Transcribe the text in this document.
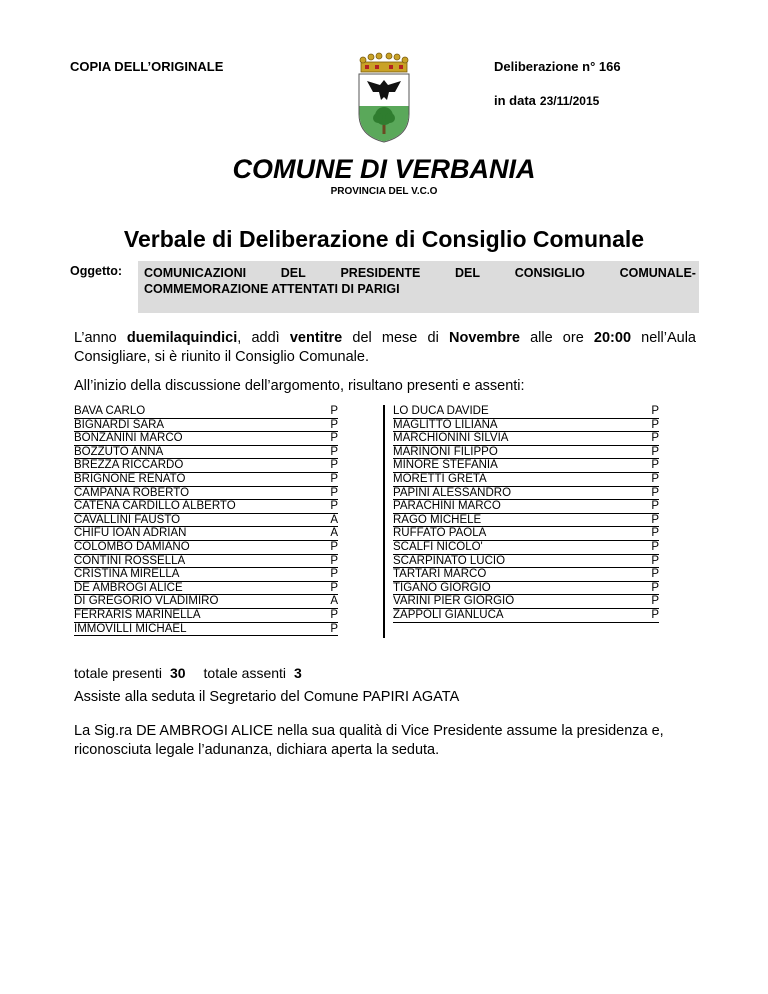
COPIA DELL’ORIGINALE	Deliberazione n° 166
in data 23/11/2015
COMUNE DI VERBANIA
PROVINCIA DEL V.C.O
Verbale di Deliberazione di Consiglio Comunale
Oggetto: COMUNICAZIONI	DEL	PRESIDENTE	DEL	CONSIGLIO	COMUNALE-
COMMEMORAZIONE ATTENTATI DI PARIGI
L’anno duemilaquindici, addì ventitre del mese di Novembre alle ore 20:00 nell’Aula Consigliare, si è riunito il Consiglio Comunale.
All’inizio della discussione dell’argomento, risultano presenti e assenti:
BAVA CARLO	P
BIGNARDI SARA	P
BONZANINI MARCO	P
BOZZUTO ANNA	P
BREZZA RICCARDO	P
BRIGNONE RENATO	P
CAMPANA ROBERTO	P
CATENA CARDILLO ALBERTO	P
CAVALLINI FAUSTO	A
CHIFU IOAN ADRIAN	A
COLOMBO DAMIANO	P
CONTINI ROSSELLA	P
CRISTINA MIRELLA	P
DE AMBROGI ALICE	P
DI GREGORIO VLADIMIRO	A
FERRARIS MARINELLA	P
IMMOVILLI MICHAEL	P
LO DUCA DAVIDE	P
MAGLITTO LILIANA	P
MARCHIONINI SILVIA	P
MARINONI FILIPPO	P
MINORE STEFANIA	P
MORETTI GRETA	P
PAPINI ALESSANDRO	P
PARACHINI MARCO	P
RAGO MICHELE	P
RUFFATO PAOLA	P
SCALFI NICOLO'	P
SCARPINATO LUCIO	P
TARTARI MARCO	P
TIGANO GIORGIO	P
VARINI PIER GIORGIO	P
ZAPPOLI GIANLUCA	P
totale presenti 30 totale assenti 3
Assiste alla seduta il Segretario del Comune PAPIRI AGATA
La Sig.ra DE AMBROGI ALICE nella sua qualità di Vice Presidente assume la presidenza e, riconosciuta legale l’adunanza, dichiara aperta la seduta.
